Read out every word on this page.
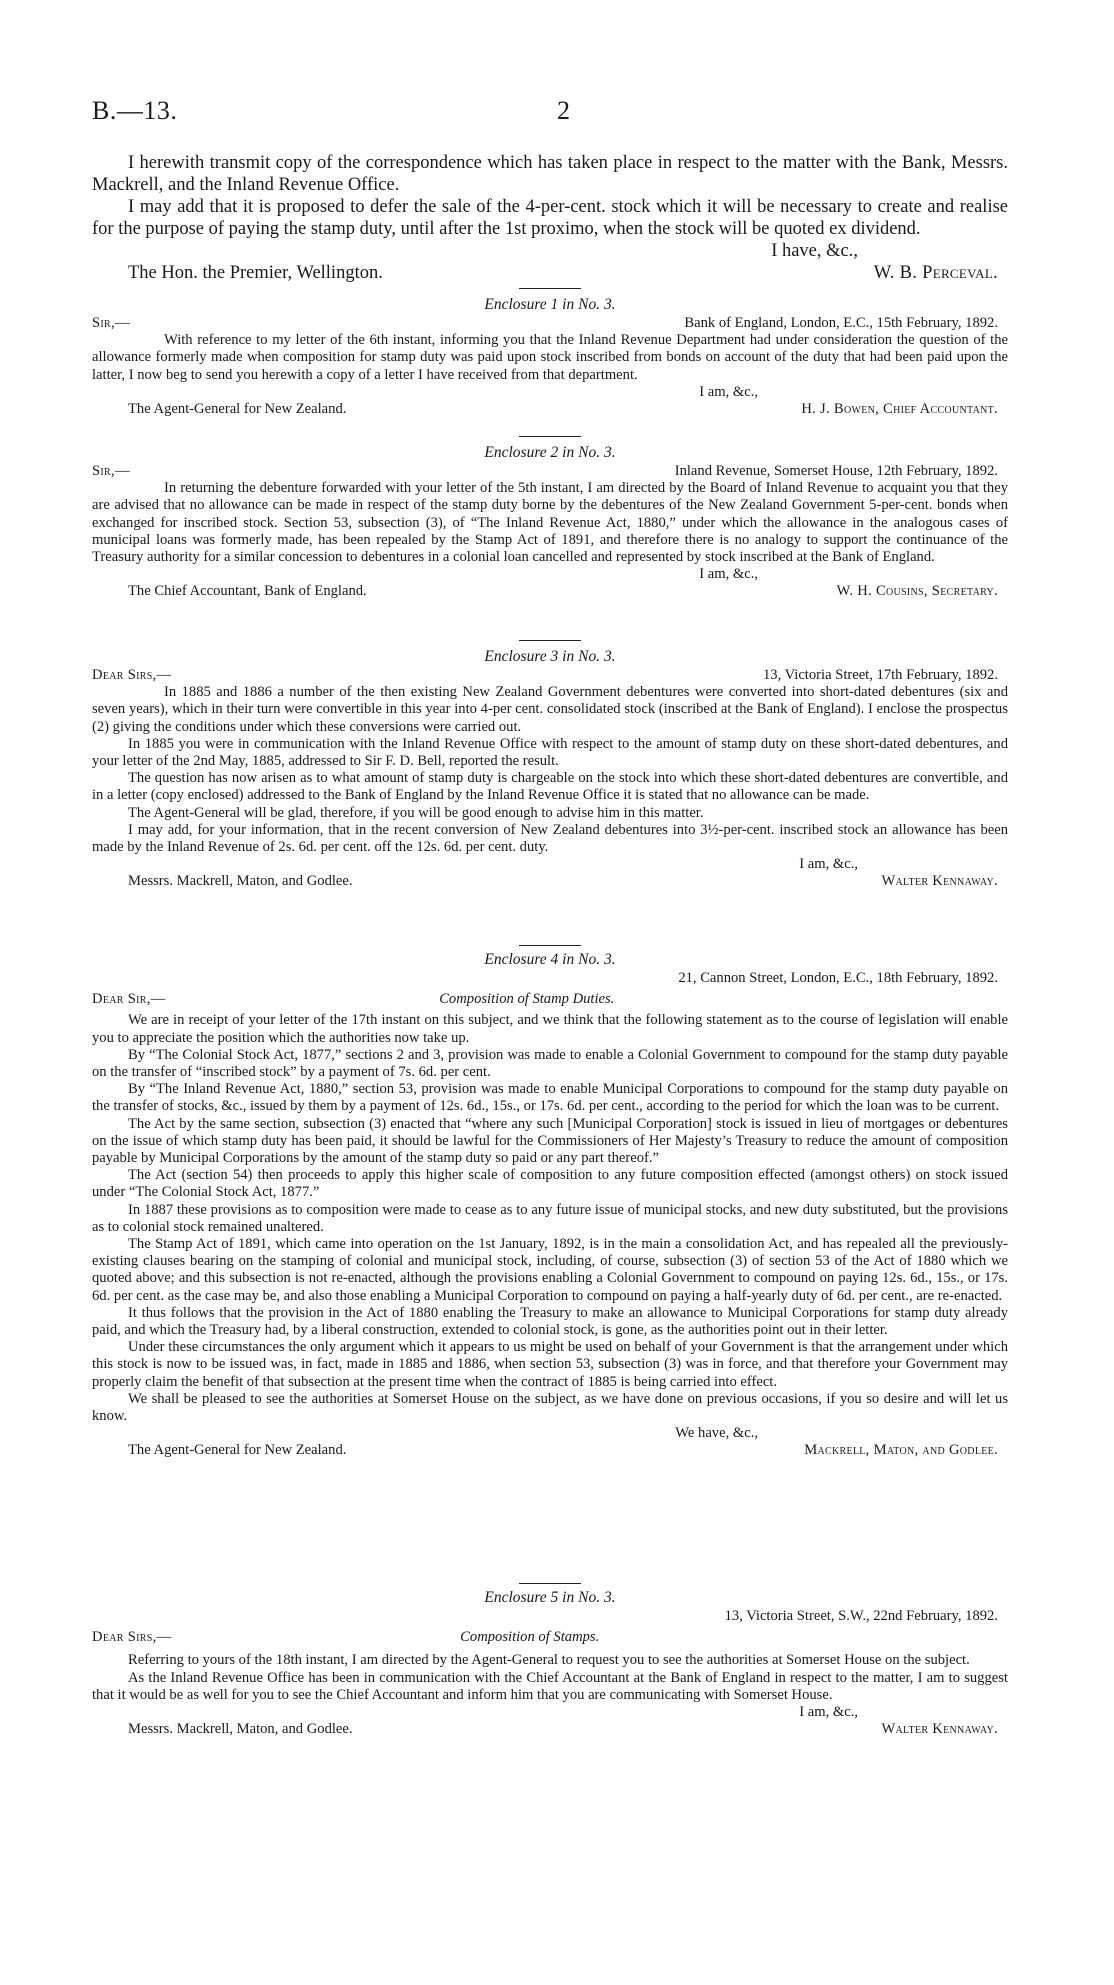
B.—13.	2

I herewith transmit copy of the correspondence which has taken place in respect to the matter with the Bank, Messrs. Mackrell, and the Inland Revenue Office.

I may add that it is proposed to defer the sale of the 4-per-cent. stock which it will be necessary to create and realise for the purpose of paying the stamp duty, until after the 1st proximo, when the stock will be quoted ex dividend.

I have, &c.,
The Hon. the Premier, Wellington.	W. B. Perceval.
Enclosure 1 in No. 3.
Sir,—	Bank of England, London, E.C., 15th February, 1892.

With reference to my letter of the 6th instant, informing you that the Inland Revenue Department had under consideration the question of the allowance formerly made when composition for stamp duty was paid upon stock inscribed from bonds on account of the duty that had been paid upon the latter, I now beg to send you herewith a copy of a letter I have received from that department.

I am, &c.,
The Agent-General for New Zealand.	H. J. Bowen, Chief Accountant.
Enclosure 2 in No. 3.
Sir,—	Inland Revenue, Somerset House, 12th February, 1892.

In returning the debenture forwarded with your letter of the 5th instant, I am directed by the Board of Inland Revenue to acquaint you that they are advised that no allowance can be made in respect of the stamp duty borne by the debentures of the New Zealand Government 5-per-cent. bonds when exchanged for inscribed stock. Section 53, subsection (3), of “The Inland Revenue Act, 1880,” under which the allowance in the analogous cases of municipal loans was formerly made, has been repealed by the Stamp Act of 1891, and therefore there is no analogy to support the continuance of the Treasury authority for a similar concession to debentures in a colonial loan cancelled and represented by stock inscribed at the Bank of England.

I am, &c.,
The Chief Accountant, Bank of England.	W. H. Cousins, Secretary.
Enclosure 3 in No. 3.
Dear Sirs,—	13, Victoria Street, 17th February, 1892.

In 1885 and 1886 a number of the then existing New Zealand Government debentures were converted into short-dated debentures (six and seven years), which in their turn were convertible in this year into 4-per cent. consolidated stock (inscribed at the Bank of England). I enclose the prospectus (2) giving the conditions under which these conversions were carried out.

In 1885 you were in communication with the Inland Revenue Office with respect to the amount of stamp duty on these short-dated debentures, and your letter of the 2nd May, 1885, addressed to Sir F. D. Bell, reported the result.

The question has now arisen as to what amount of stamp duty is chargeable on the stock into which these short-dated debentures are convertible, and in a letter (copy enclosed) addressed to the Bank of England by the Inland Revenue Office it is stated that no allowance can be made.

The Agent-General will be glad, therefore, if you will be good enough to advise him in this matter.

I may add, for your information, that in the recent conversion of New Zealand debentures into 3½-per-cent. inscribed stock an allowance has been made by the Inland Revenue of 2s. 6d. per cent. off the 12s. 6d. per cent. duty.

I am, &c.,
Messrs. Mackrell, Maton, and Godlee.	Walter Kennaway.
Enclosure 4 in No. 3.
21, Cannon Street, London, E.C., 18th February, 1892.
Dear Sir,—	Composition of Stamp Duties.

We are in receipt of your letter of the 17th instant on this subject, and we think that the following statement as to the course of legislation will enable you to appreciate the position which the authorities now take up.

By “The Colonial Stock Act, 1877,” sections 2 and 3, provision was made to enable a Colonial Government to compound for the stamp duty payable on the transfer of “inscribed stock” by a payment of 7s. 6d. per cent.

By “The Inland Revenue Act, 1880,” section 53, provision was made to enable Municipal Corporations to compound for the stamp duty payable on the transfer of stocks, &c., issued by them by a payment of 12s. 6d., 15s., or 17s. 6d. per cent., according to the period for which the loan was to be current.

The Act by the same section, subsection (3) enacted that “where any such [Municipal Corporation] stock is issued in lieu of mortgages or debentures on the issue of which stamp duty has been paid, it should be lawful for the Commissioners of Her Majesty’s Treasury to reduce the amount of composition payable by Municipal Corporations by the amount of the stamp duty so paid or any part thereof.”

The Act (section 54) then proceeds to apply this higher scale of composition to any future composition effected (amongst others) on stock issued under “The Colonial Stock Act, 1877.”

In 1887 these provisions as to composition were made to cease as to any future issue of municipal stocks, and new duty substituted, but the provisions as to colonial stock remained unaltered.

The Stamp Act of 1891, which came into operation on the 1st January, 1892, is in the main a consolidation Act, and has repealed all the previously-existing clauses bearing on the stamping of colonial and municipal stock, including, of course, subsection (3) of section 53 of the Act of 1880 which we quoted above; and this subsection is not re-enacted, although the provisions enabling a Colonial Government to compound on paying 12s. 6d., 15s., or 17s. 6d. per cent. as the case may be, and also those enabling a Municipal Corporation to compound on paying a half-yearly duty of 6d. per cent., are re-enacted.

It thus follows that the provision in the Act of 1880 enabling the Treasury to make an allowance to Municipal Corporations for stamp duty already paid, and which the Treasury had, by a liberal construction, extended to colonial stock, is gone, as the authorities point out in their letter.

Under these circumstances the only argument which it appears to us might be used on behalf of your Government is that the arrangement under which this stock is now to be issued was, in fact, made in 1885 and 1886, when section 53, subsection (3) was in force, and that therefore your Government may properly claim the benefit of that subsection at the present time when the contract of 1885 is being carried into effect.

We shall be pleased to see the authorities at Somerset House on the subject, as we have done on previous occasions, if you so desire and will let us know.

We have, &c.,
The Agent-General for New Zealand.	Mackrell, Maton, and Godlee.
Enclosure 5 in No. 3.
13, Victoria Street, S.W., 22nd February, 1892.
Dear Sirs,—	Composition of Stamps.

Referring to yours of the 18th instant, I am directed by the Agent-General to request you to see the authorities at Somerset House on the subject.

As the Inland Revenue Office has been in communication with the Chief Accountant at the Bank of England in respect to the matter, I am to suggest that it would be as well for you to see the Chief Accountant and inform him that you are communicating with Somerset House.

I am, &c.,
Messrs. Mackrell, Maton, and Godlee.	Walter Kennaway.
